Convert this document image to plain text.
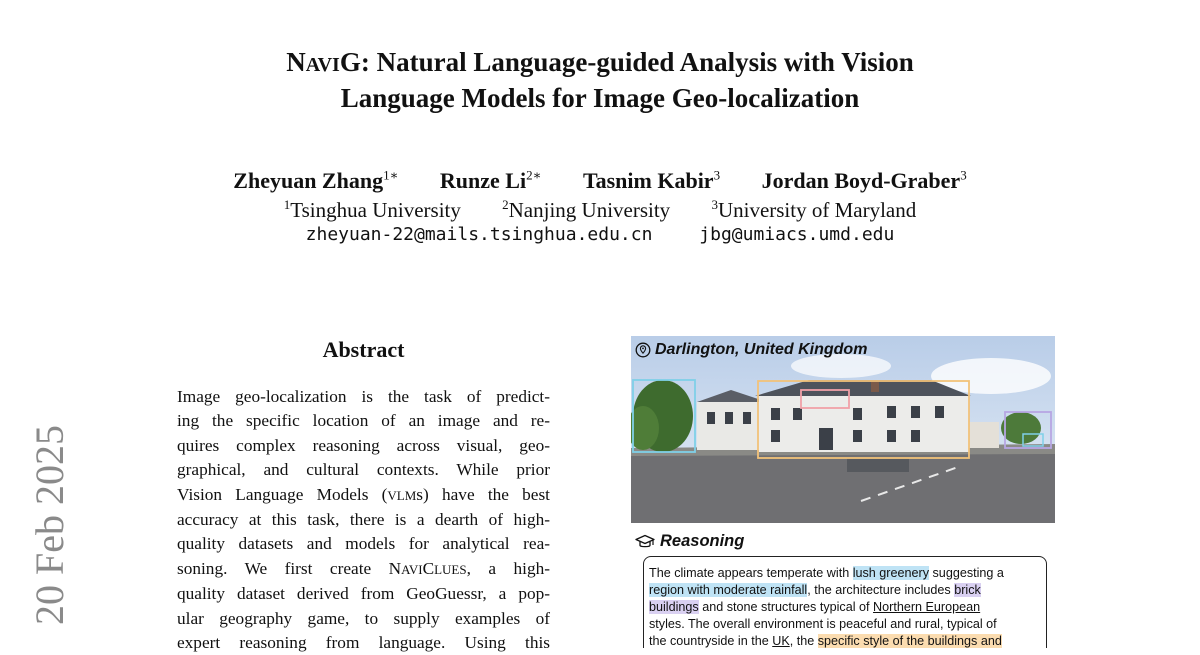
NAVIG: Natural Language-guided Analysis with Vision
Language Models for Image Geo-localization
Zheyuan Zhang$^{1∗}$ Runze $Li^{2∗}$ Tasnim Kabir$^3$ Jordan Boyd-Graber$^3$
$^1$Tsinghua University	$^2$Nanjing University	$^3$University of Maryland
zheyuan-22@mails.tsinghua.edu.cn	jbg@umiacs.umd.edu
20 Feb 2025
Abstract
Image geo-localization is the task of predict-
ing the specific location of an image and re-
quires complex reasoning across visual, geo-
graphical, and cultural contexts. While prior
Vision Language Models (VLMs) have the best
accuracy at this task, there is a dearth of high-
quality datasets and models for analytical rea-
soning. We first create NAVICLUES, a high-
quality dataset derived from GeoGuessr, a pop-
ular geography game, to supply examples of
expert reasoning from language. Using this
Darlington, United Kingdom
Reasoning
The climate appears temperate with lush greenery suggesting a
region with moderate rainfall, the architecture includes brick
buildings and stone structures typical of Northern European
styles. The overall environment is peaceful and rural, typical of
the countryside in the UK, the specific style of the buildings and
